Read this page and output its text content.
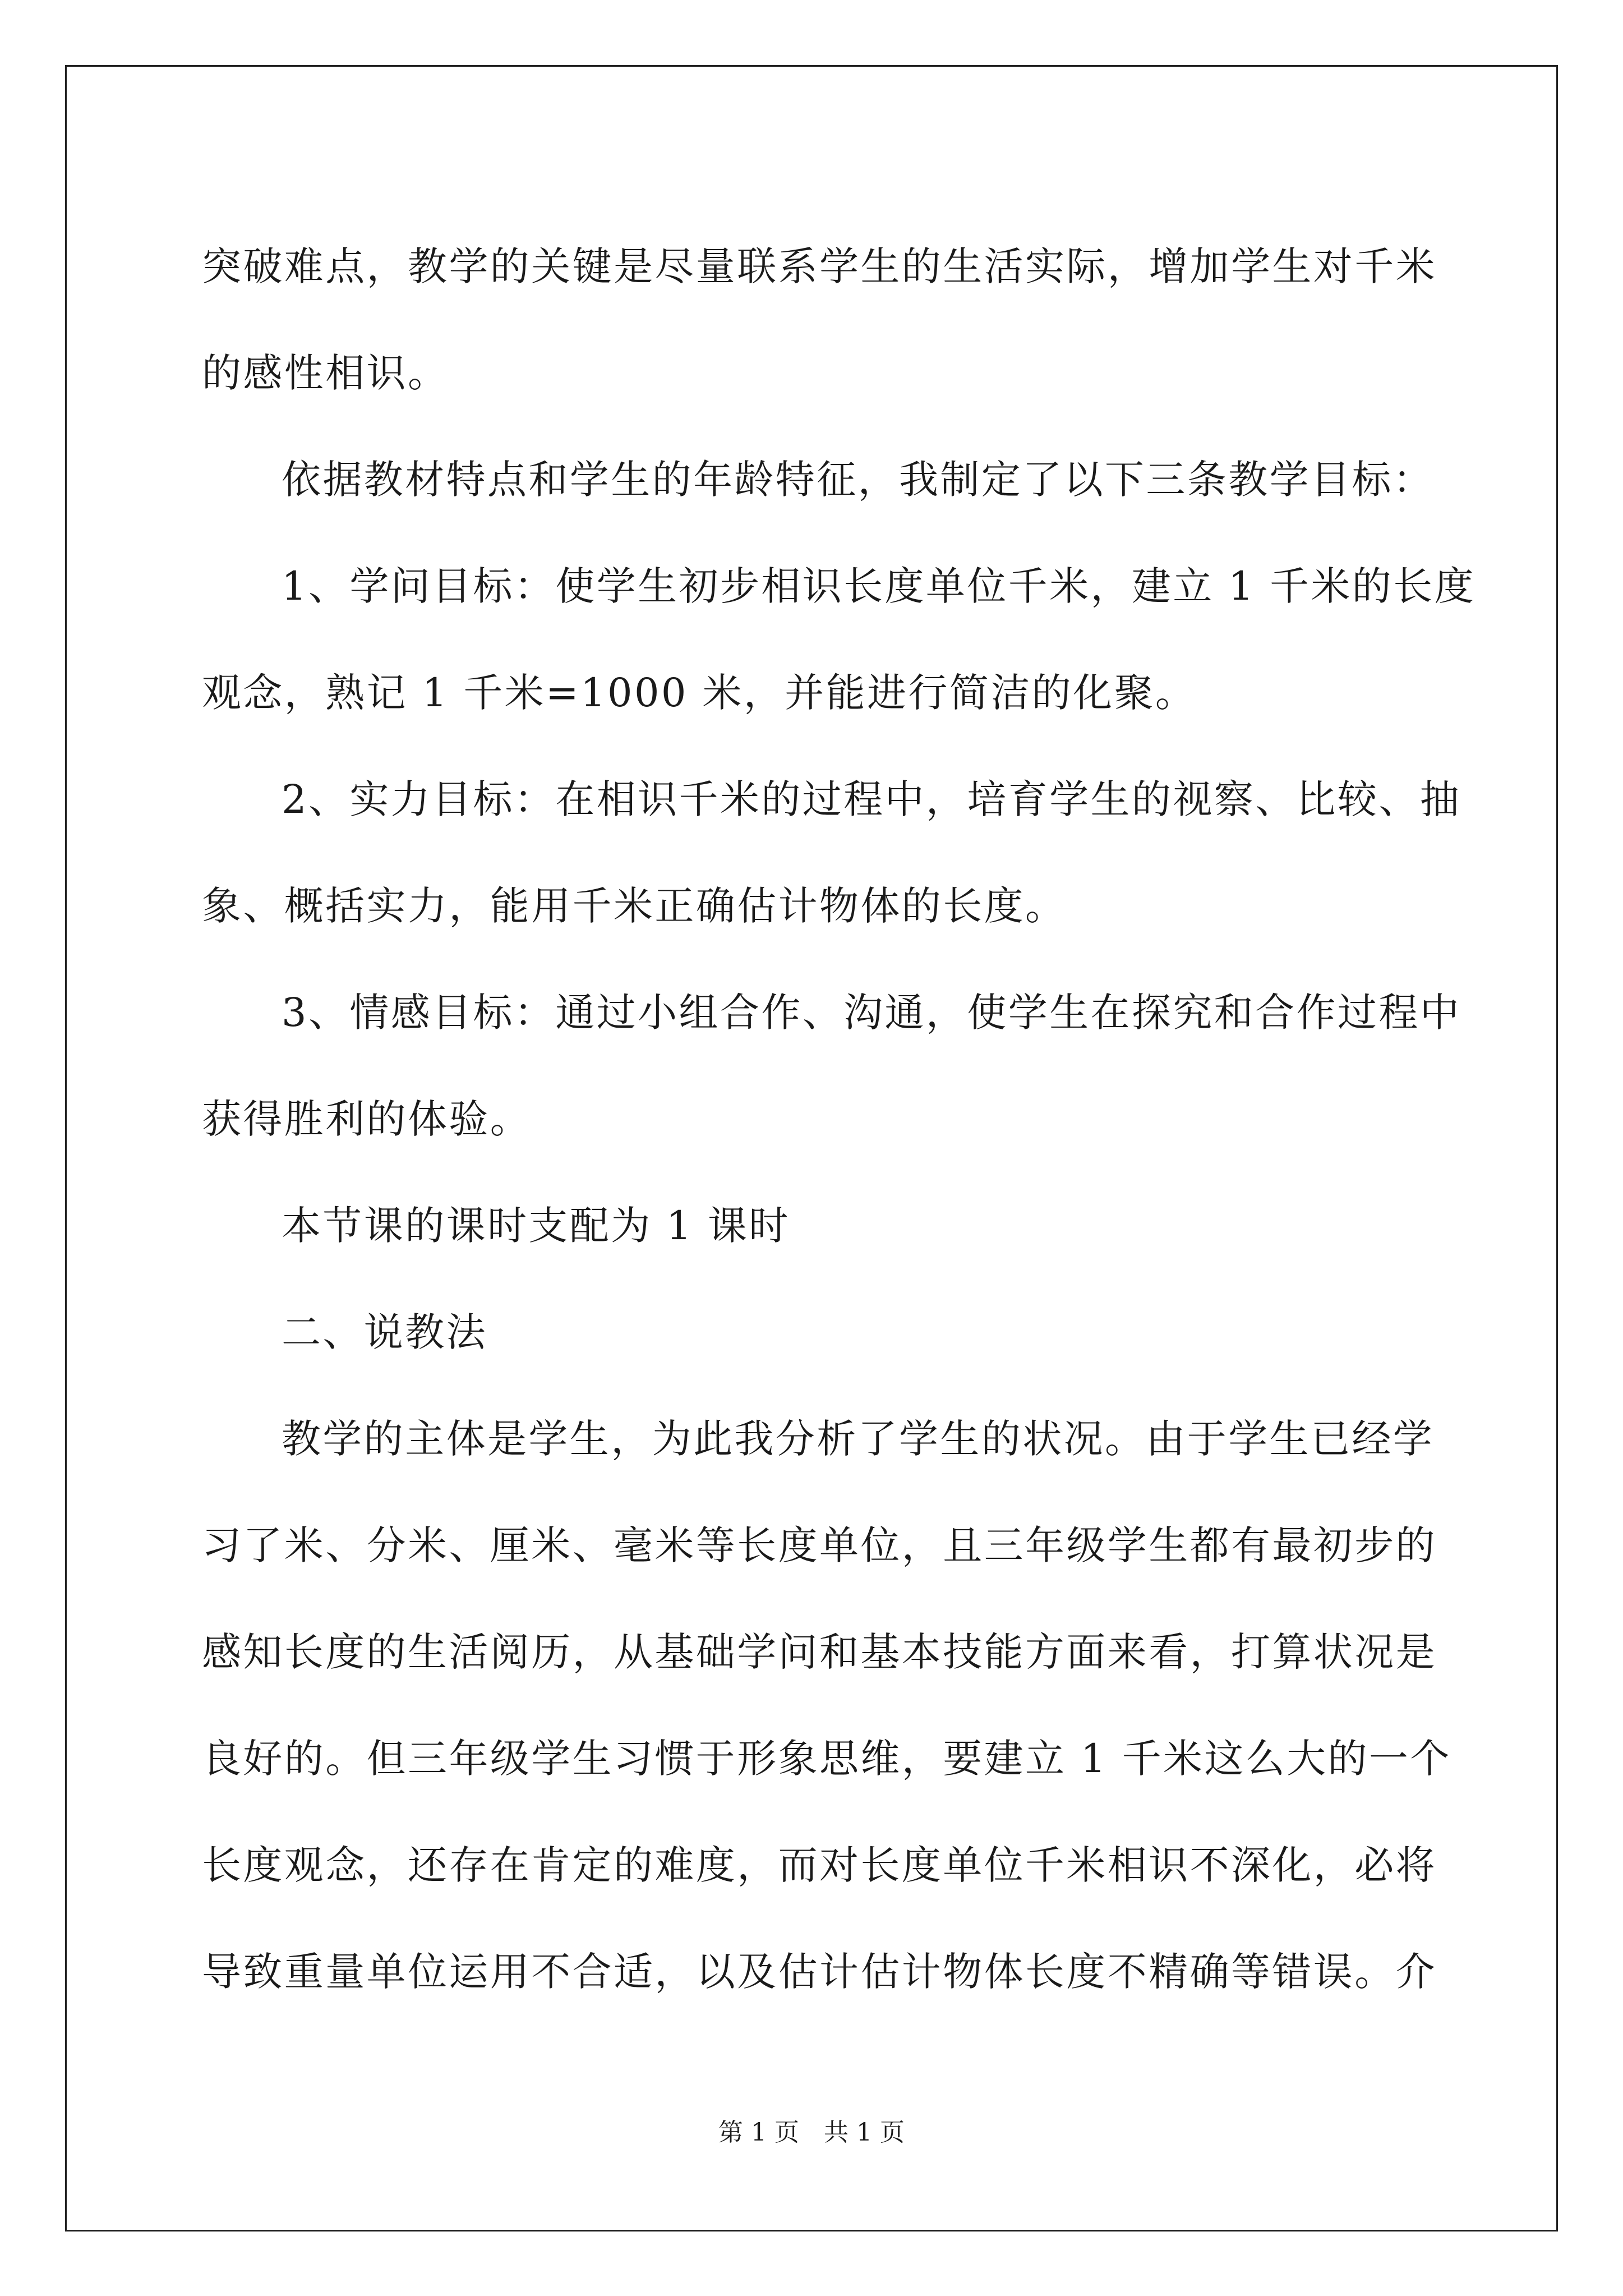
突破难点，教学的关键是尽量联系学生的生活实际，增加学生对千米
的感性相识。
依据教材特点和学生的年龄特征，我制定了以下三条教学目标：
1、学问目标：使学生初步相识长度单位千米，建立 1 千米的长度
观念，熟记 1 千米=1000 米，并能进行简洁的化聚。
2、实力目标：在相识千米的过程中，培育学生的视察、比较、抽
象、概括实力，能用千米正确估计物体的长度。
3、情感目标：通过小组合作、沟通，使学生在探究和合作过程中
获得胜利的体验。
本节课的课时支配为 1 课时
二、说教法
教学的主体是学生，为此我分析了学生的状况。由于学生已经学
习了米、分米、厘米、毫米等长度单位，且三年级学生都有最初步的
感知长度的生活阅历，从基础学问和基本技能方面来看，打算状况是
良好的。但三年级学生习惯于形象思维，要建立 1 千米这么大的一个
长度观念，还存在肯定的难度，而对长度单位千米相识不深化，必将
导致重量单位运用不合适，以及估计估计物体长度不精确等错误。介
第 1 页　共 1 页
